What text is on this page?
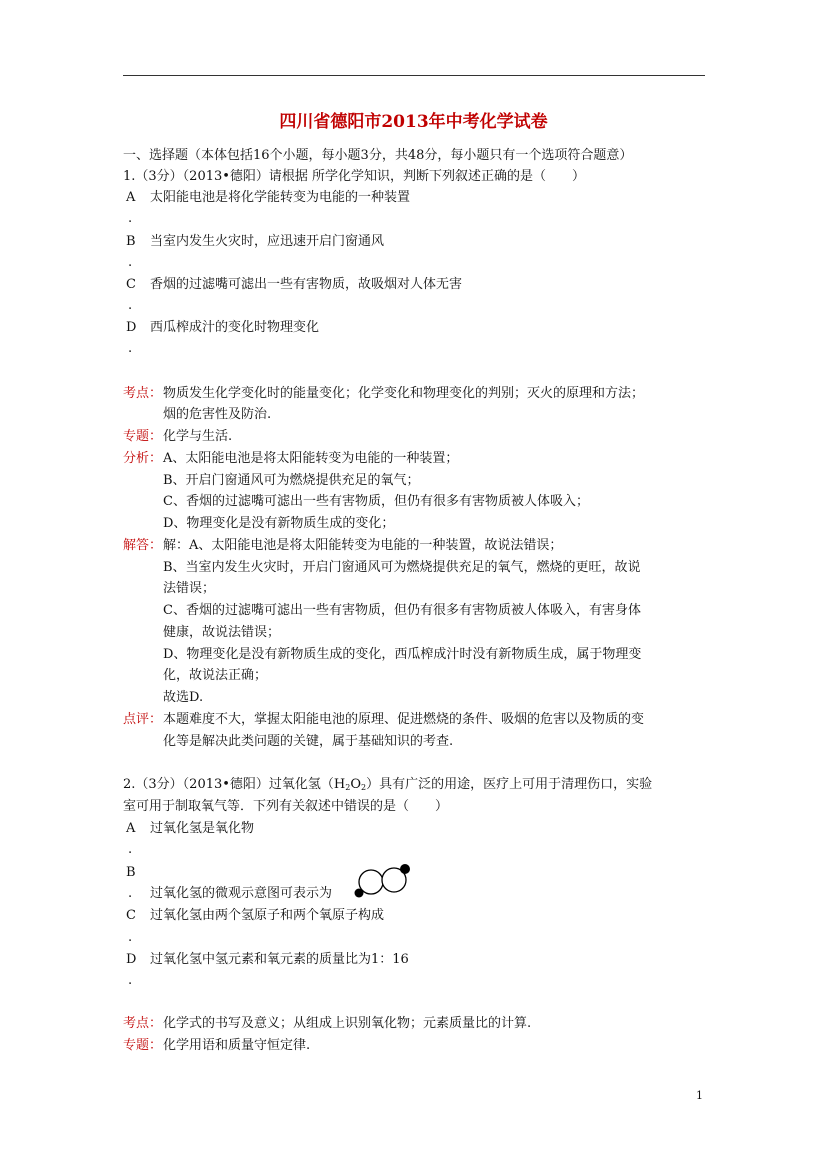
四川省德阳市2013年中考化学试卷
一、选择题（本体包括16个小题，每小题3分，共48分，每小题只有一个选项符合题意）
1.（3分）（2013•德阳）请根据 所学化学知识，判断下列叙述正确的是（　　）
A 太阳能电池是将化学能转变为电能的一种装置
.
B 当室内发生火灾时，应迅速开启门窗通风
.
C 香烟的过滤嘴可滤出一些有害物质，故吸烟对人体无害
.
D 西瓜榨成汁的变化时物理变化
.
考点： 物质发生化学变化时的能量变化；化学变化和物理变化的判别；灭火的原理和方法；
烟的危害性及防治.
专题： 化学与生活.
分析： A、太阳能电池是将太阳能转变为电能的一种装置；
B、开启门窗通风可为燃烧提供充足的氧气；
C、香烟的过滤嘴可滤出一些有害物质，但仍有很多有害物质被人体吸入；
D、物理变化是没有新物质生成的变化；
解答： 解：A、太阳能电池是将太阳能转变为电能的一种装置，故说法错误；
B、当室内发生火灾时，开启门窗通风可为燃烧提供充足的氧气，燃烧的更旺，故说
法错误；
C、香烟的过滤嘴可滤出一些有害物质，但仍有很多有害物质被人体吸入，有害身体
健康，故说法错误；
D、物理变化是没有新物质生成的变化，西瓜榨成汁时没有新物质生成，属于物理变
化，故说法正确；
故选D.
点评： 本题难度不大，掌握太阳能电池的原理、促进燃烧的条件、吸烟的危害以及物质的变
化等是解决此类问题的关键，属于基础知识的考查.
2.（3分）（2013•德阳）过氧化氢（H2O2）具有广泛的用途，医疗上可用于清理伤口，实验
室可用于制取氧气等．下列有关叙述中错误的是（　　）
A 过氧化氢是氧化物
.
B
. 过氧化氢的微观示意图可表示为
C 过氧化氢由两个氢原子和两个氧原子构成
.
D 过氧化氢中氢元素和氧元素的质量比为1：16
.
考点： 化学式的书写及意义；从组成上识别氧化物；元素质量比的计算.
专题： 化学用语和质量守恒定律.
1
